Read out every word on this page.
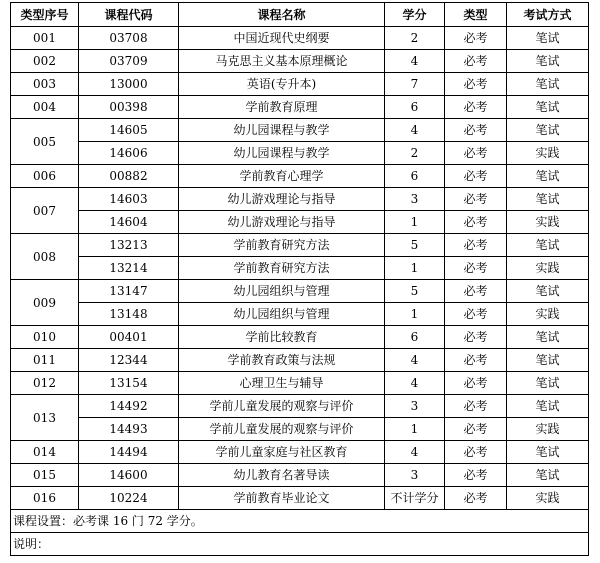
类型序号	课程代码	课程名称	学分	类型	考试方式
001	03708	中国近现代史纲要	2	必考	笔试
002	03709	马克思主义基本原理概论	4	必考	笔试
003	13000	英语(专升本)	7	必考	笔试
004	00398	学前教育原理	6	必考	笔试
005	14605	幼儿园课程与教学	4	必考	笔试
	14606	幼儿园课程与教学	2	必考	实践
006	00882	学前教育心理学	6	必考	笔试
007	14603	幼儿游戏理论与指导	3	必考	笔试
	14604	幼儿游戏理论与指导	1	必考	实践
008	13213	学前教育研究方法	5	必考	笔试
	13214	学前教育研究方法	1	必考	实践
009	13147	幼儿园组织与管理	5	必考	笔试
	13148	幼儿园组织与管理	1	必考	实践
010	00401	学前比较教育	6	必考	笔试
011	12344	学前教育政策与法规	4	必考	笔试
012	13154	心理卫生与辅导	4	必考	笔试
013	14492	学前儿童发展的观察与评价	3	必考	笔试
	14493	学前儿童发展的观察与评价	1	必考	实践
014	14494	学前儿童家庭与社区教育	4	必考	笔试
015	14600	幼儿教育名著导读	3	必考	笔试
016	10224	学前教育毕业论文	不计学分	必考	实践
课程设置：必考课 16 门 72 学分。					
说明：					
